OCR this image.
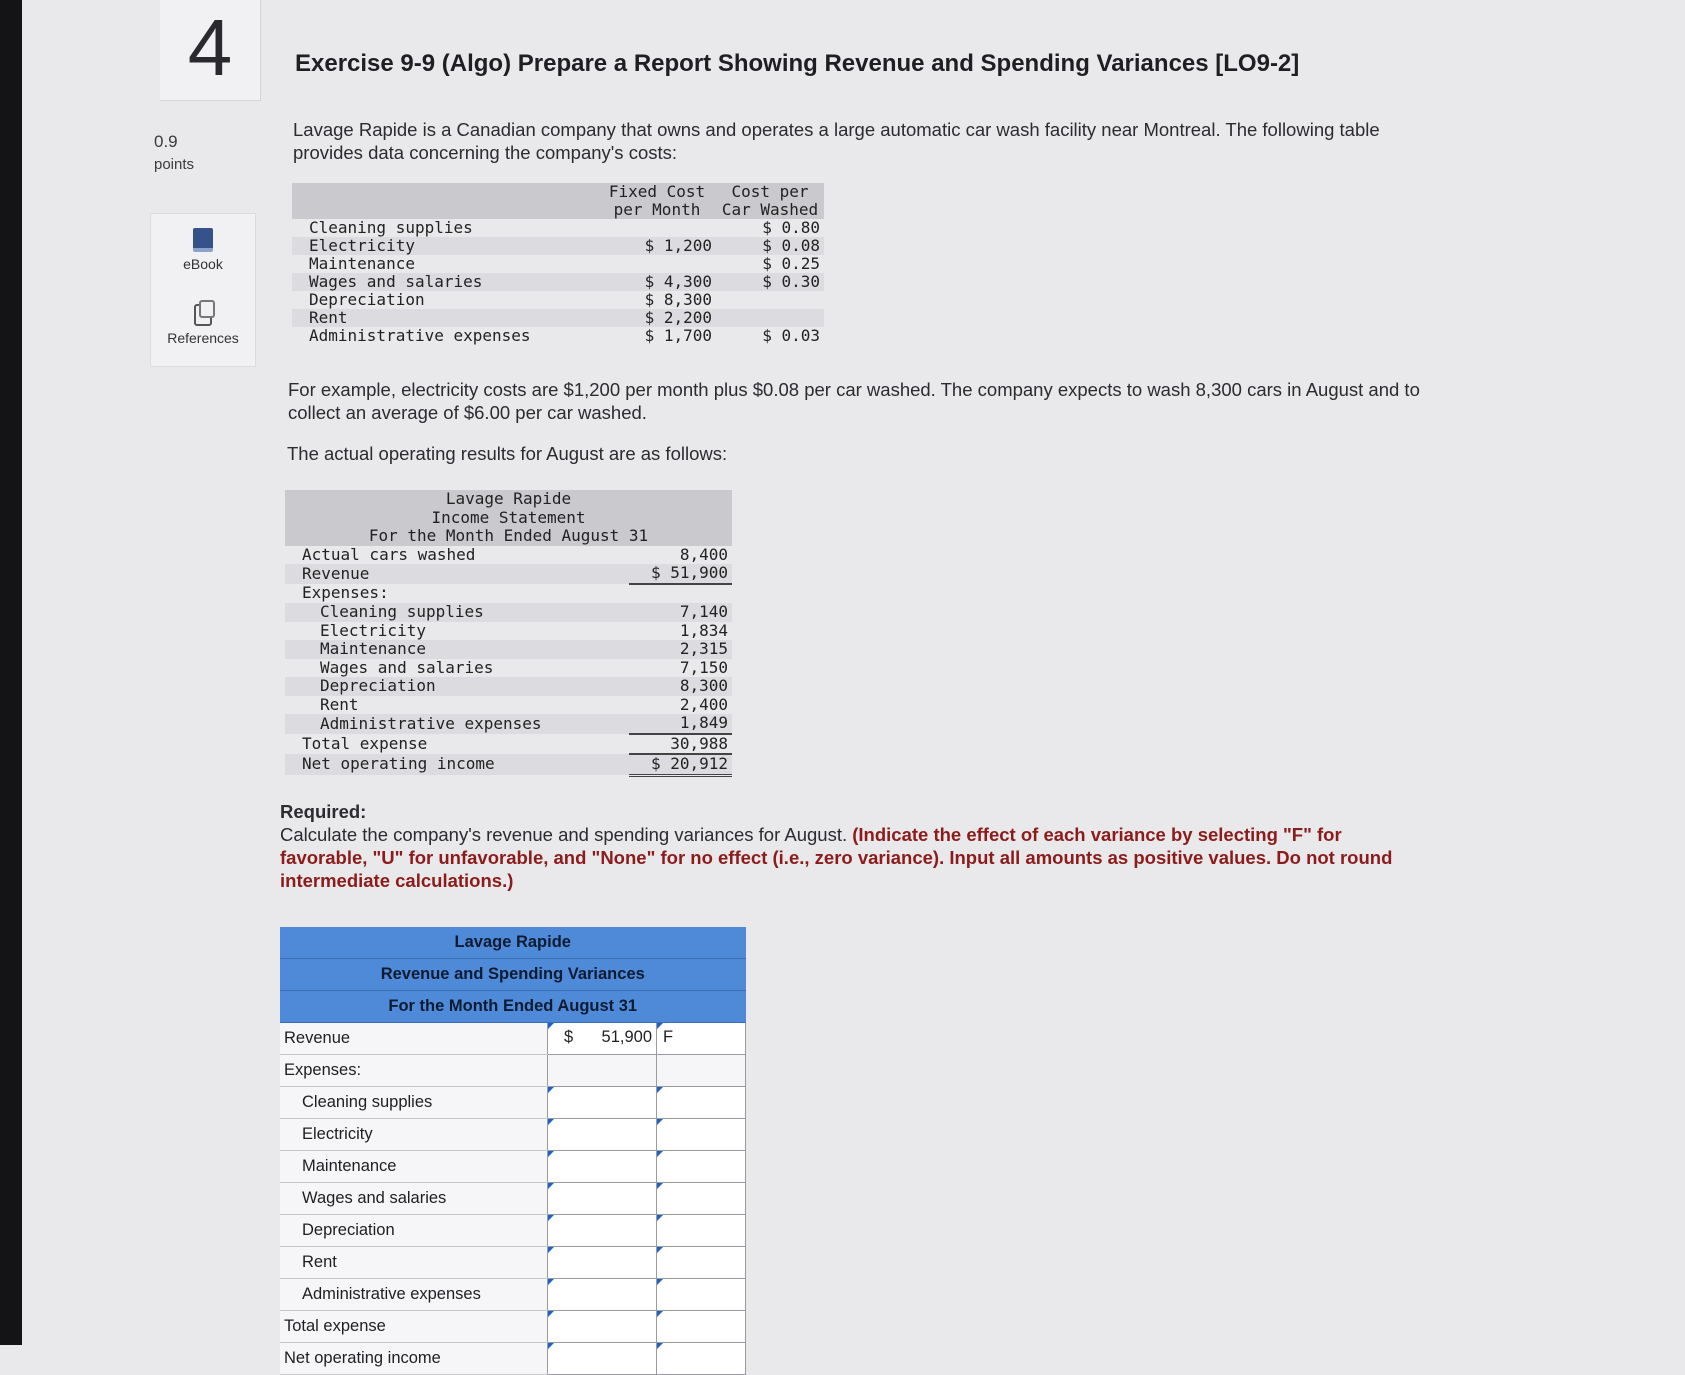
4
0.9
points
eBook
References
Exercise 9-9 (Algo) Prepare a Report Showing Revenue and Spending Variances [LO9-2]

Lavage Rapide is a Canadian company that owns and operates a large automatic car wash facility near Montreal. The following table provides data concerning the company's costs:

	Fixed Cost
per Month	Cost per
Car Washed
Cleaning supplies		$ 0.80
Electricity	$ 1,200	$ 0.08
Maintenance		$ 0.25
Wages and salaries	$ 4,300	$ 0.30
Depreciation	$ 8,300	
Rent	$ 2,200	
Administrative expenses	$ 1,700	$ 0.03

For example, electricity costs are $1,200 per month plus $0.08 per car washed. The company expects to wash 8,300 cars in August and to collect an average of $6.00 per car washed.

The actual operating results for August are as follows:

Lavage Rapide	
Income Statement	
For the Month Ended August 31	
Actual cars washed	8,400
Revenue	$ 51,900
Expenses:	
Cleaning supplies	7,140
Electricity	1,834
Maintenance	2,315
Wages and salaries	7,150
Depreciation	8,300
Rent	2,400
Administrative expenses	1,849
Total expense	30,988
Net operating income	$ 20,912
Required:
Calculate the company's revenue and spending variances for August. (Indicate the effect of each variance by selecting "F" for favorable, "U" for unfavorable, and "None" for no effect (i.e., zero variance). Input all amounts as positive values. Do not round intermediate calculations.)
Lavage Rapide		
Revenue and Spending Variances		
For the Month Ended August 31		
Revenue	$ 51,900	F

Expenses:		
Cleaning supplies	

Electricity	

Maintenance	

Wages and salaries	

Depreciation	

Rent	

Administrative expenses	

Total expense	

Net operating income	
